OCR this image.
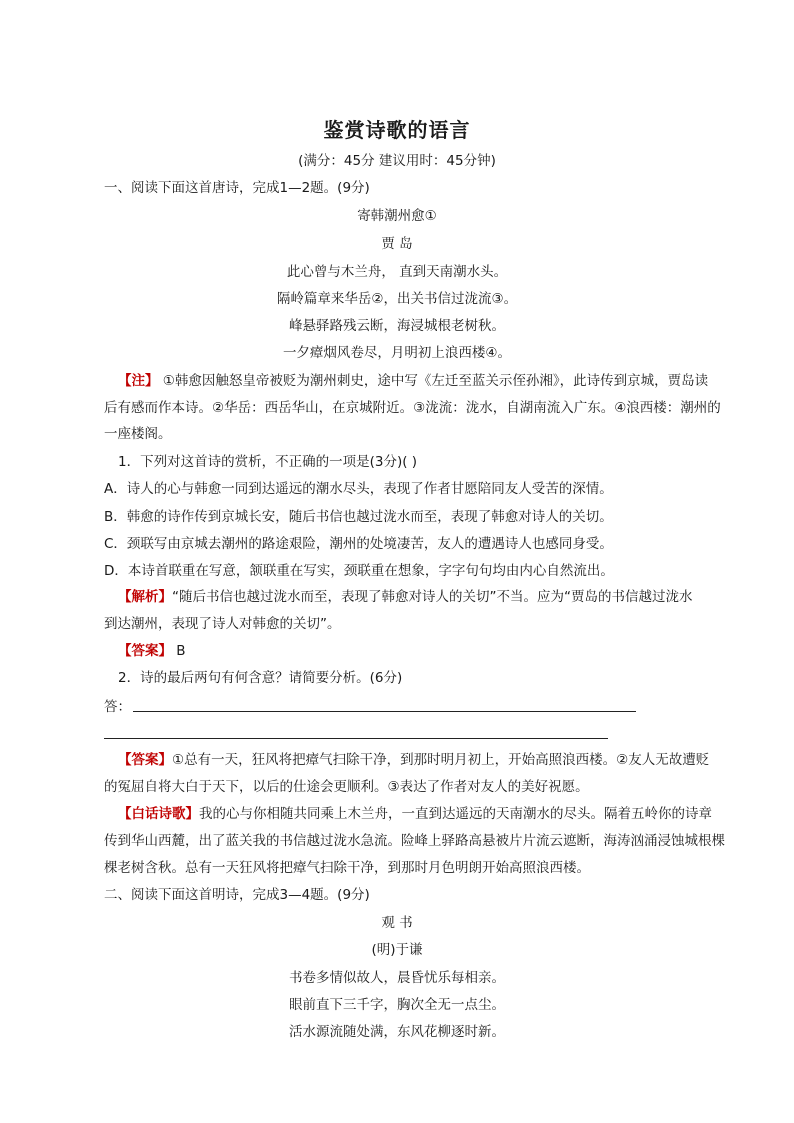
鉴赏诗歌的语言
(满分：45分 建议用时：45分钟)
一、阅读下面这首唐诗，完成1—2题。(9分)
寄韩潮州愈①
贾 岛
此心曾与木兰舟， 直到天南潮水头。
隔岭篇章来华岳②，出关书信过泷流③。
峰悬驿路残云断，海浸城根老树秋。
一夕瘴烟风卷尽，月明初上浪西楼④。
【注】 ①韩愈因触怒皇帝被贬为潮州刺史，途中写《左迁至蓝关示侄孙湘》，此诗传到京城，贾岛读
后有感而作本诗。②华岳：西岳华山，在京城附近。③泷流：泷水，自湖南流入广东。④浪西楼：潮州的
一座楼阁。
1．下列对这首诗的赏析，不正确的一项是(3分)( )
A．诗人的心与韩愈一同到达遥远的潮水尽头，表现了作者甘愿陪同友人受苦的深情。
B．韩愈的诗作传到京城长安，随后书信也越过泷水而至，表现了韩愈对诗人的关切。
C．颈联写由京城去潮州的路途艰险，潮州的处境凄苦，友人的遭遇诗人也感同身受。
D．本诗首联重在写意，颔联重在写实，颈联重在想象，字字句句均由内心自然流出。
【解析】“随后书信也越过泷水而至，表现了韩愈对诗人的关切”不当。应为“贾岛的书信越过泷水
到达潮州，表现了诗人对韩愈的关切”。
【答案】 B
2．诗的最后两句有何含意？请简要分析。(6分)
答：
【答案】①总有一天，狂风将把瘴气扫除干净，到那时明月初上，开始高照浪西楼。②友人无故遭贬
的冤屈自将大白于天下，以后的仕途会更顺利。③表达了作者对友人的美好祝愿。
【白话诗歌】我的心与你相随共同乘上木兰舟，一直到达遥远的天南潮水的尽头。隔着五岭你的诗章
传到华山西麓，出了蓝关我的书信越过泷水急流。险峰上驿路高悬被片片流云遮断，海涛汹涌浸蚀城根棵
棵老树含秋。总有一天狂风将把瘴气扫除干净，到那时月色明朗开始高照浪西楼。
二、阅读下面这首明诗，完成3—4题。(9分)
观 书
(明)于谦
书卷多情似故人，晨昏忧乐每相亲。
眼前直下三千字，胸次全无一点尘。
活水源流随处满，东风花柳逐时新。
